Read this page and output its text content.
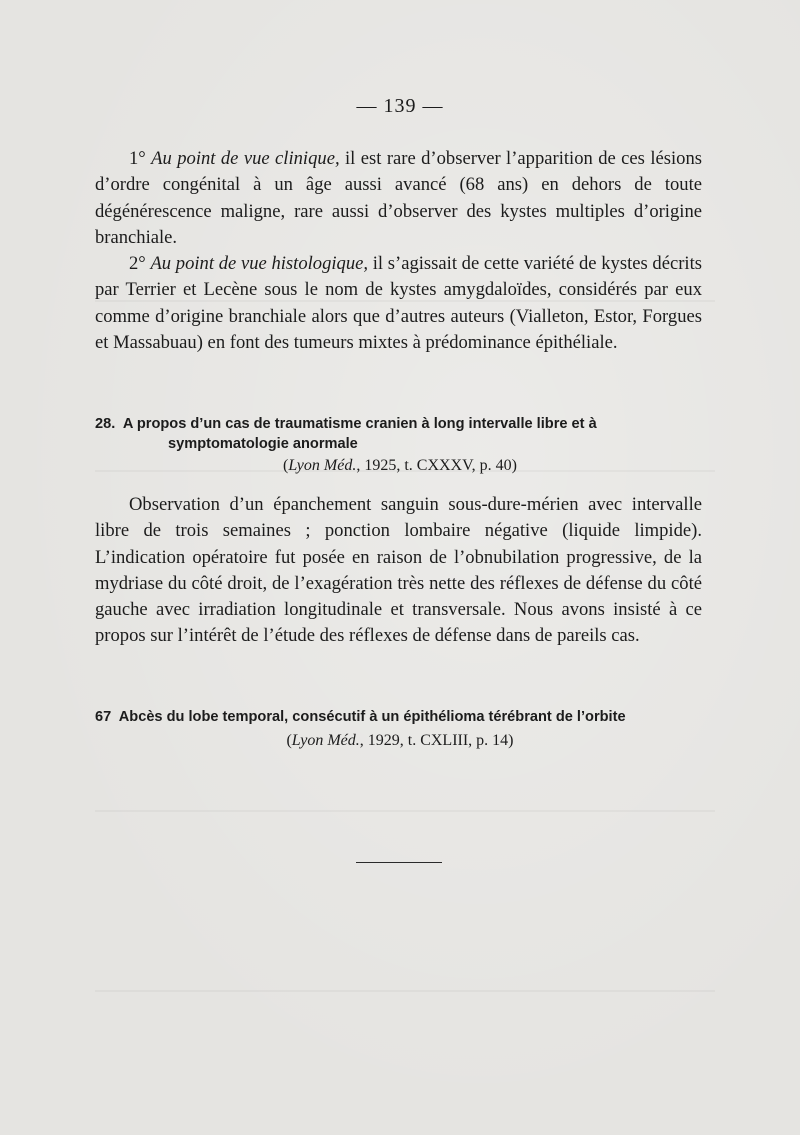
— 139 —

1° Au point de vue clinique, il est rare d’observer l’apparition de ces lésions d’ordre congénital à un âge aussi avancé (68 ans) en dehors de toute dégénérescence maligne, rare aussi d’observer des kystes multiples d’origine branchiale.

2° Au point de vue histologique, il s’agissait de cette variété de kystes décrits par Terrier et Lecène sous le nom de kystes amygdaloïdes, considérés par eux comme d’origine branchiale alors que d’autres auteurs (Vialleton, Estor, Forgues et Massabuau) en font des tumeurs mixtes à prédominance épithéliale.

28. A propos d’un cas de traumatisme cranien à long intervalle libre et à
symptomatologie anormale
(Lyon Méd., 1925, t. CXXXV, p. 40)

Observation d’un épanchement sanguin sous-dure-mérien avec intervalle libre de trois semaines ; ponction lombaire négative (liquide limpide). L’indication opératoire fut posée en raison de l’obnubilation progressive, de la mydriase du côté droit, de l’exagération très nette des réflexes de défense du côté gauche avec irradiation longitudinale et transversale. Nous avons insisté à ce propos sur l’intérêt de l’étude des réflexes de défense dans de pareils cas.

67 Abcès du lobe temporal, consécutif à un épithélioma térébrant de l’orbite
(Lyon Méd., 1929, t. CXLIII, p. 14)
